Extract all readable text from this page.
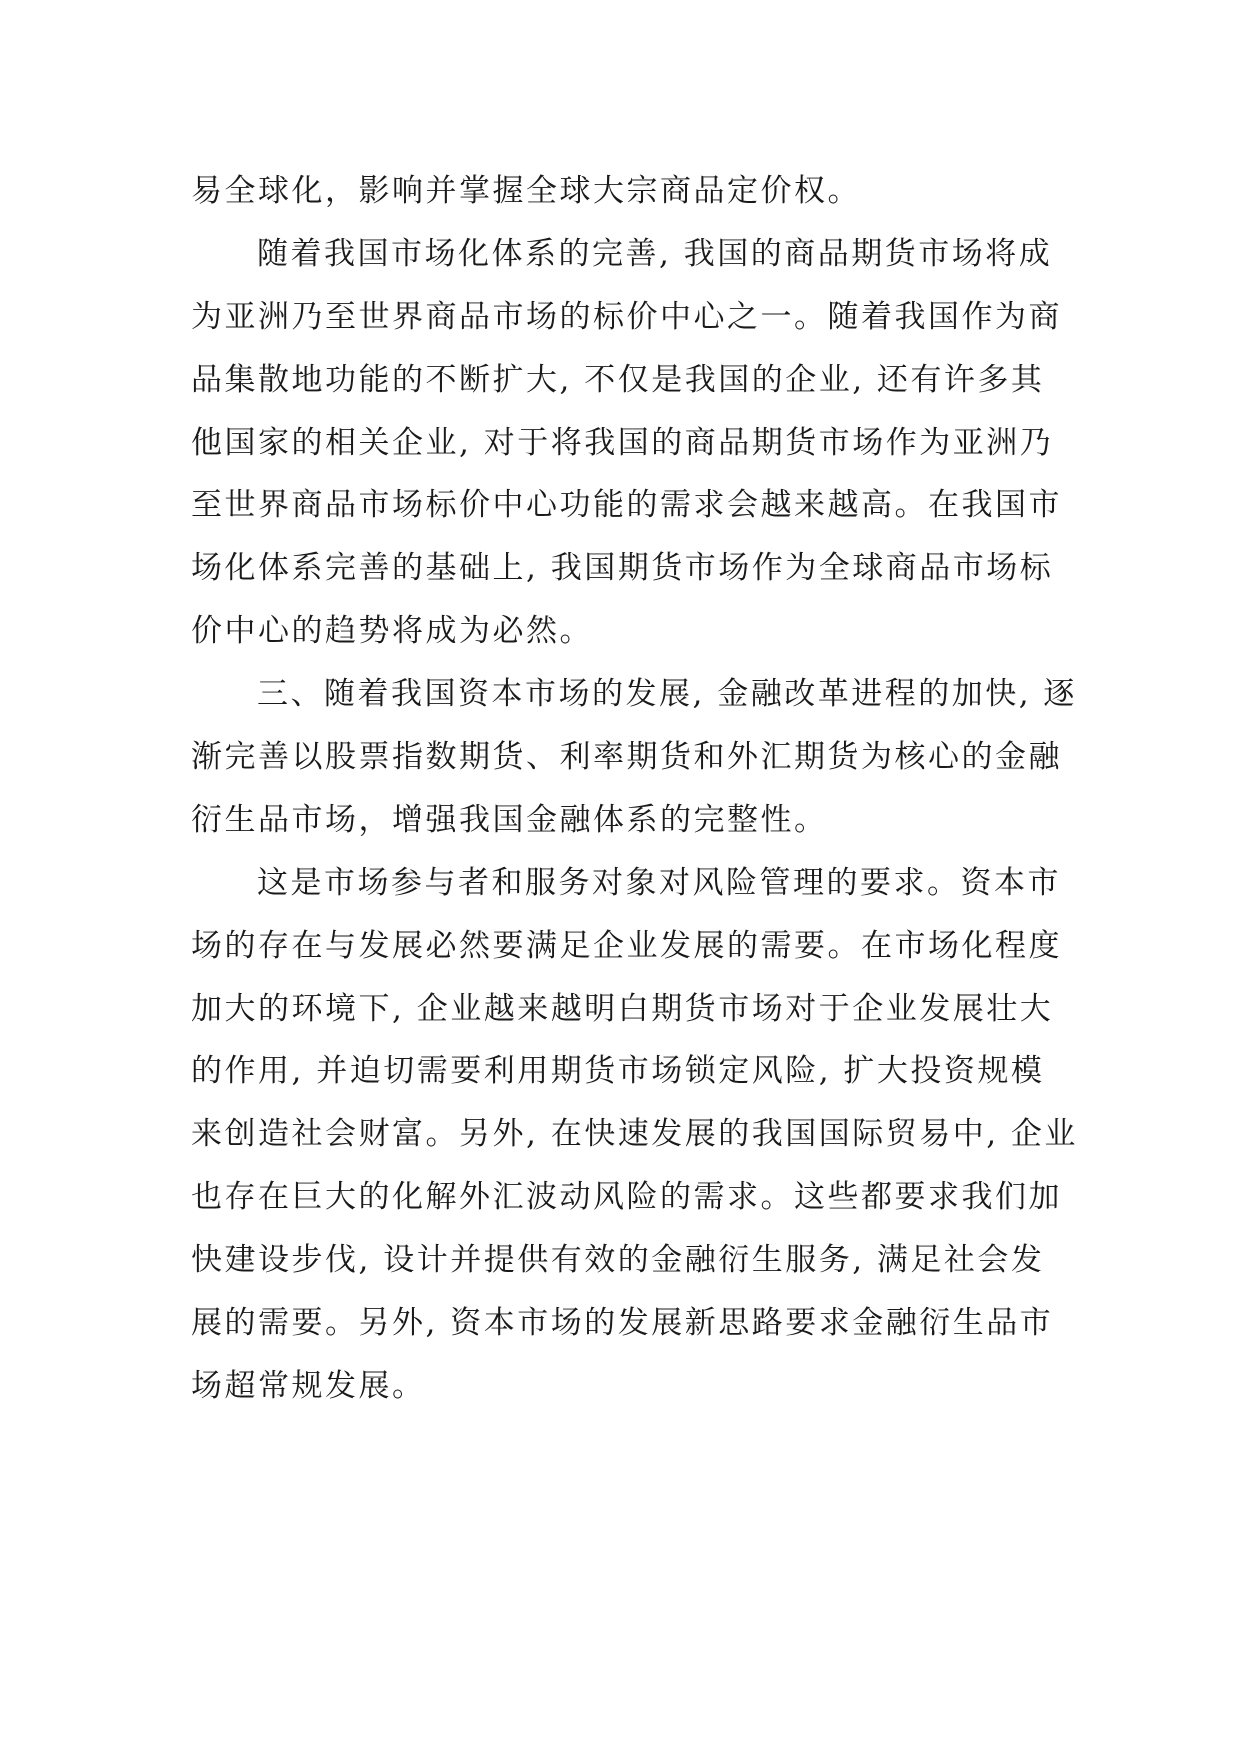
易全球化，影响并掌握全球大宗商品定价权。

随着我国市场化体系的完善, 我国的商品期货市场将成
为亚洲乃至世界商品市场的标价中心之一。随着我国作为商
品集散地功能的不断扩大, 不仅是我国的企业, 还有许多其
他国家的相关企业, 对于将我国的商品期货市场作为亚洲乃
至世界商品市场标价中心功能的需求会越来越高。在我国市
场化体系完善的基础上, 我国期货市场作为全球商品市场标
价中心的趋势将成为必然。

三、随着我国资本市场的发展, 金融改革进程的加快, 逐
渐完善以股票指数期货、利率期货和外汇期货为核心的金融
衍生品市场，增强我国金融体系的完整性。

这是市场参与者和服务对象对风险管理的要求。资本市
场的存在与发展必然要满足企业发展的需要。在市场化程度
加大的环境下, 企业越来越明白期货市场对于企业发展壮大
的作用, 并迫切需要利用期货市场锁定风险, 扩大投资规模
来创造社会财富。另外, 在快速发展的我国国际贸易中, 企业
也存在巨大的化解外汇波动风险的需求。这些都要求我们加
快建设步伐, 设计并提供有效的金融衍生服务, 满足社会发
展的需要。另外, 资本市场的发展新思路要求金融衍生品市
场超常规发展。
